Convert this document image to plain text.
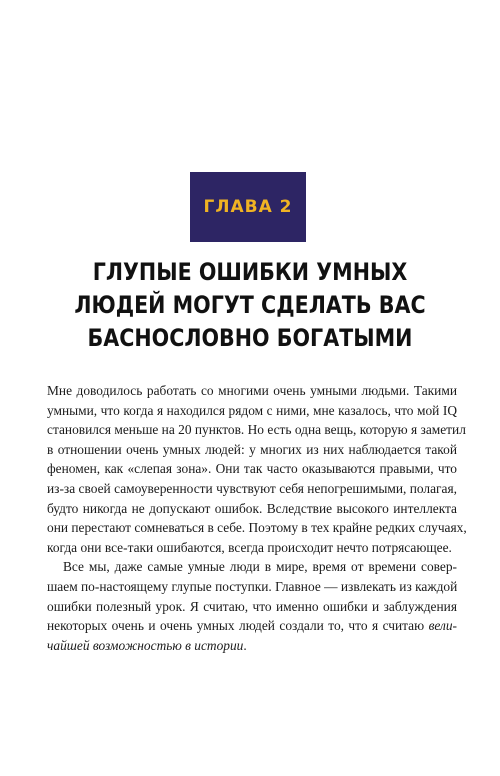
ГЛАВА 2
ГЛУПЫЕ ОШИБКИ УМНЫХ
ЛЮДЕЙ МОГУТ СДЕЛАТЬ ВАС
БАСНОСЛОВНО БОГАТЫМИ
Мне доводилось работать со многими очень умными людьми. Такими
умными, что когда я находился рядом с ними, мне казалось, что мой IQ
становился меньше на 20 пунктов. Но есть одна вещь, которую я заметил
в отношении очень умных людей: у многих из них наблюдается такой
феномен, как «слепая зона». Они так часто оказываются правыми, что
из-за своей самоуверенности чувствуют себя непогрешимыми, полагая,
будто никогда не допускают ошибок. Вследствие высокого интеллекта
они перестают сомневаться в себе. Поэтому в тех крайне редких случаях,
когда они все-таки ошибаются, всегда происходит нечто потрясающее.
Все мы, даже самые умные люди в мире, время от времени совер-
шаем по-настоящему глупые поступки. Главное — извлекать из каждой
ошибки полезный урок. Я считаю, что именно ошибки и заблуждения
некоторых очень и очень умных людей создали то, что я считаю вели-
чайшей возможностью в истории.
